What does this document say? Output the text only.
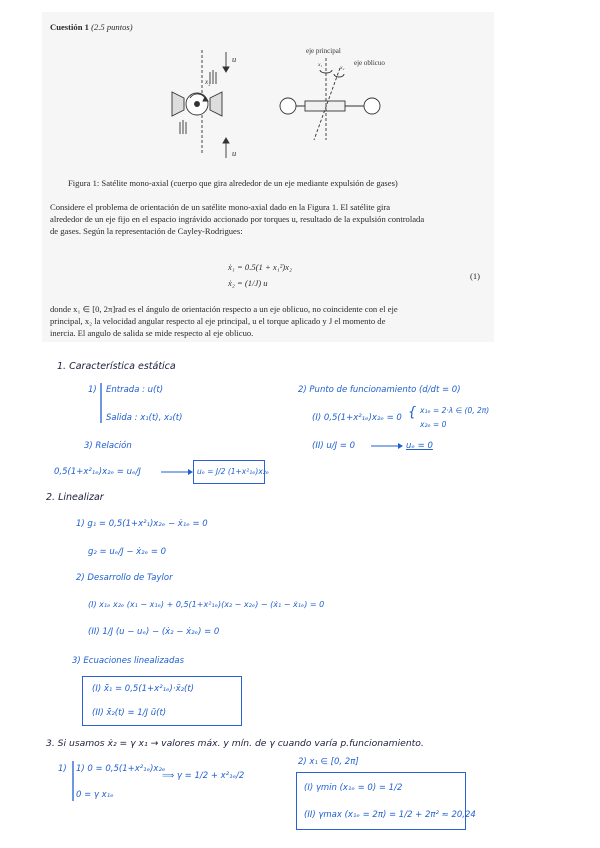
Cuestión 1 (2.5 puntos)
u
x₂
u
eje principal
eje oblicuo
x₁	x₂
Figura 1: Satélite mono-axial (cuerpo que gira alrededor de un eje mediante expulsión de gases)
Considere el problema de orientación de un satélite mono-axial dado en la Figura 1. El satélite gira
alrededor de un eje fijo en el espacio ingrávido accionado por torques u, resultado de la expulsión controlada
de gases. Según la representación de Cayley-Rodrigues:
ẋ₁ = 0.5(1 + x₁²)x₂
ẋ₂ = (1/J) u
(1)
donde x₁ ∈ [0, 2π]rad es el ángulo de orientación respecto a un eje oblicuo, no coincidente con el eje
principal, x₂ la velocidad angular respecto al eje principal, u el torque aplicado y J el momento de
inercia. El angulo de salida se mide respecto al eje oblicuo.
1. Característica estática
1) Entrada : u(t)
Salida : x₁(t), x₂(t)
2) Punto de funcionamiento (d/dt = 0)
(I) 0,5(1+x²₁ₑ)x₂ₑ = 0 { x₁ₑ = 2·λ ∈ (0, 2π)
x₂ₑ = 0
(II) u/J = 0	uₑ = 0
3) Relación
0,5(1+x²₁ₑ)x₂ₑ = uₑ/J	uₑ = J/2 (1+x²₁ₑ)x₂ₑ
2. Linealizar
1) g₁ = 0,5(1+x²₁)x₂ₑ − ẋ₁ₑ = 0
g₂ = uₑ/J − ẋ₂ₑ = 0
2) Desarrollo de Taylor
(I) x₁ₑ x₂ₑ (x₁ − x₁ₑ) + 0,5(1+x²₁ₑ)(x₂ − x₂ₑ) − (ẋ₁ − ẋ₁ₑ) = 0
(II) 1/J (u − uₑ) − (ẋ₂ − ẋ₂ₑ) = 0
3) Ecuaciones linealizadas
(I) x̃̇₁ = 0,5(1+x²₁ₑ)·x̃₂(t)
(II) x̃̇₂(t) = 1/J ũ(t)
3. Si usamos ẋ₂ = γ x₁ → valores máx. y mín. de γ cuando varía p.funcionamiento.
1) 1) 0 = 0,5(1+x²₁ₑ)x₂ₑ
0 = γ x₁ₑ
⟹ γ = 1/2 + x²₁ₑ/2
2) x₁ ∈ [0, 2π]
(I) γmin (x₁ₑ = 0) = 1/2
(II) γmax (x₁ₑ = 2π) = 1/2 + 2π² ≈ 20,24
